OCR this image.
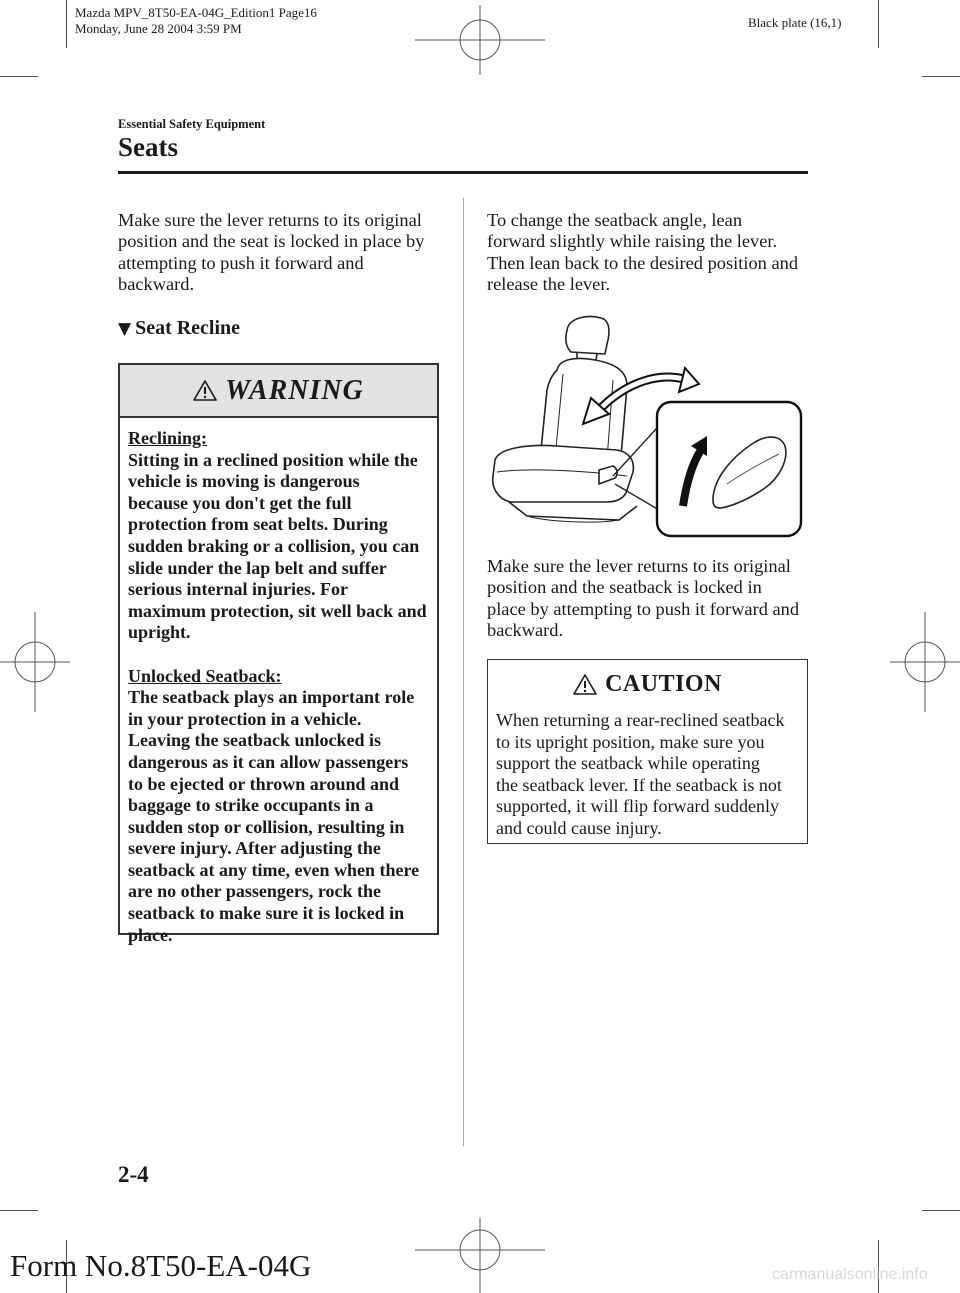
Mazda MPV_8T50-EA-04G_Edition1 Page16
Monday, June 28 2004 3:59 PM	Black plate (16,1)
Essential Safety Equipment
Seats
Make sure the lever returns to its original
position and the seat is locked in place by
attempting to push it forward and
backward.
▼ Seat Recline
WARNING

Reclining:
Sitting in a reclined position while the
vehicle is moving is dangerous
because you don't get the full
protection from seat belts. During
sudden braking or a collision, you can
slide under the lap belt and suffer
serious internal injuries. For
maximum protection, sit well back and
upright.

Unlocked Seatback:
The seatback plays an important role
in your protection in a vehicle.
Leaving the seatback unlocked is
dangerous as it can allow passengers
to be ejected or thrown around and
baggage to strike occupants in a
sudden stop or collision, resulting in
severe injury. After adjusting the
seatback at any time, even when there
are no other passengers, rock the
seatback to make sure it is locked in
place.

To change the seatback angle, lean
forward slightly while raising the lever.
Then lean back to the desired position and
release the lever.
Make sure the lever returns to its original
position and the seatback is locked in
place by attempting to push it forward and
backward.
CAUTION
When returning a rear-reclined seatback
to its upright position, make sure you
support the seatback while operating
the seatback lever. If the seatback is not
supported, it will flip forward suddenly
and could cause injury.
2-4
Form No.8T50-EA-04G	carmanualsonline.info
